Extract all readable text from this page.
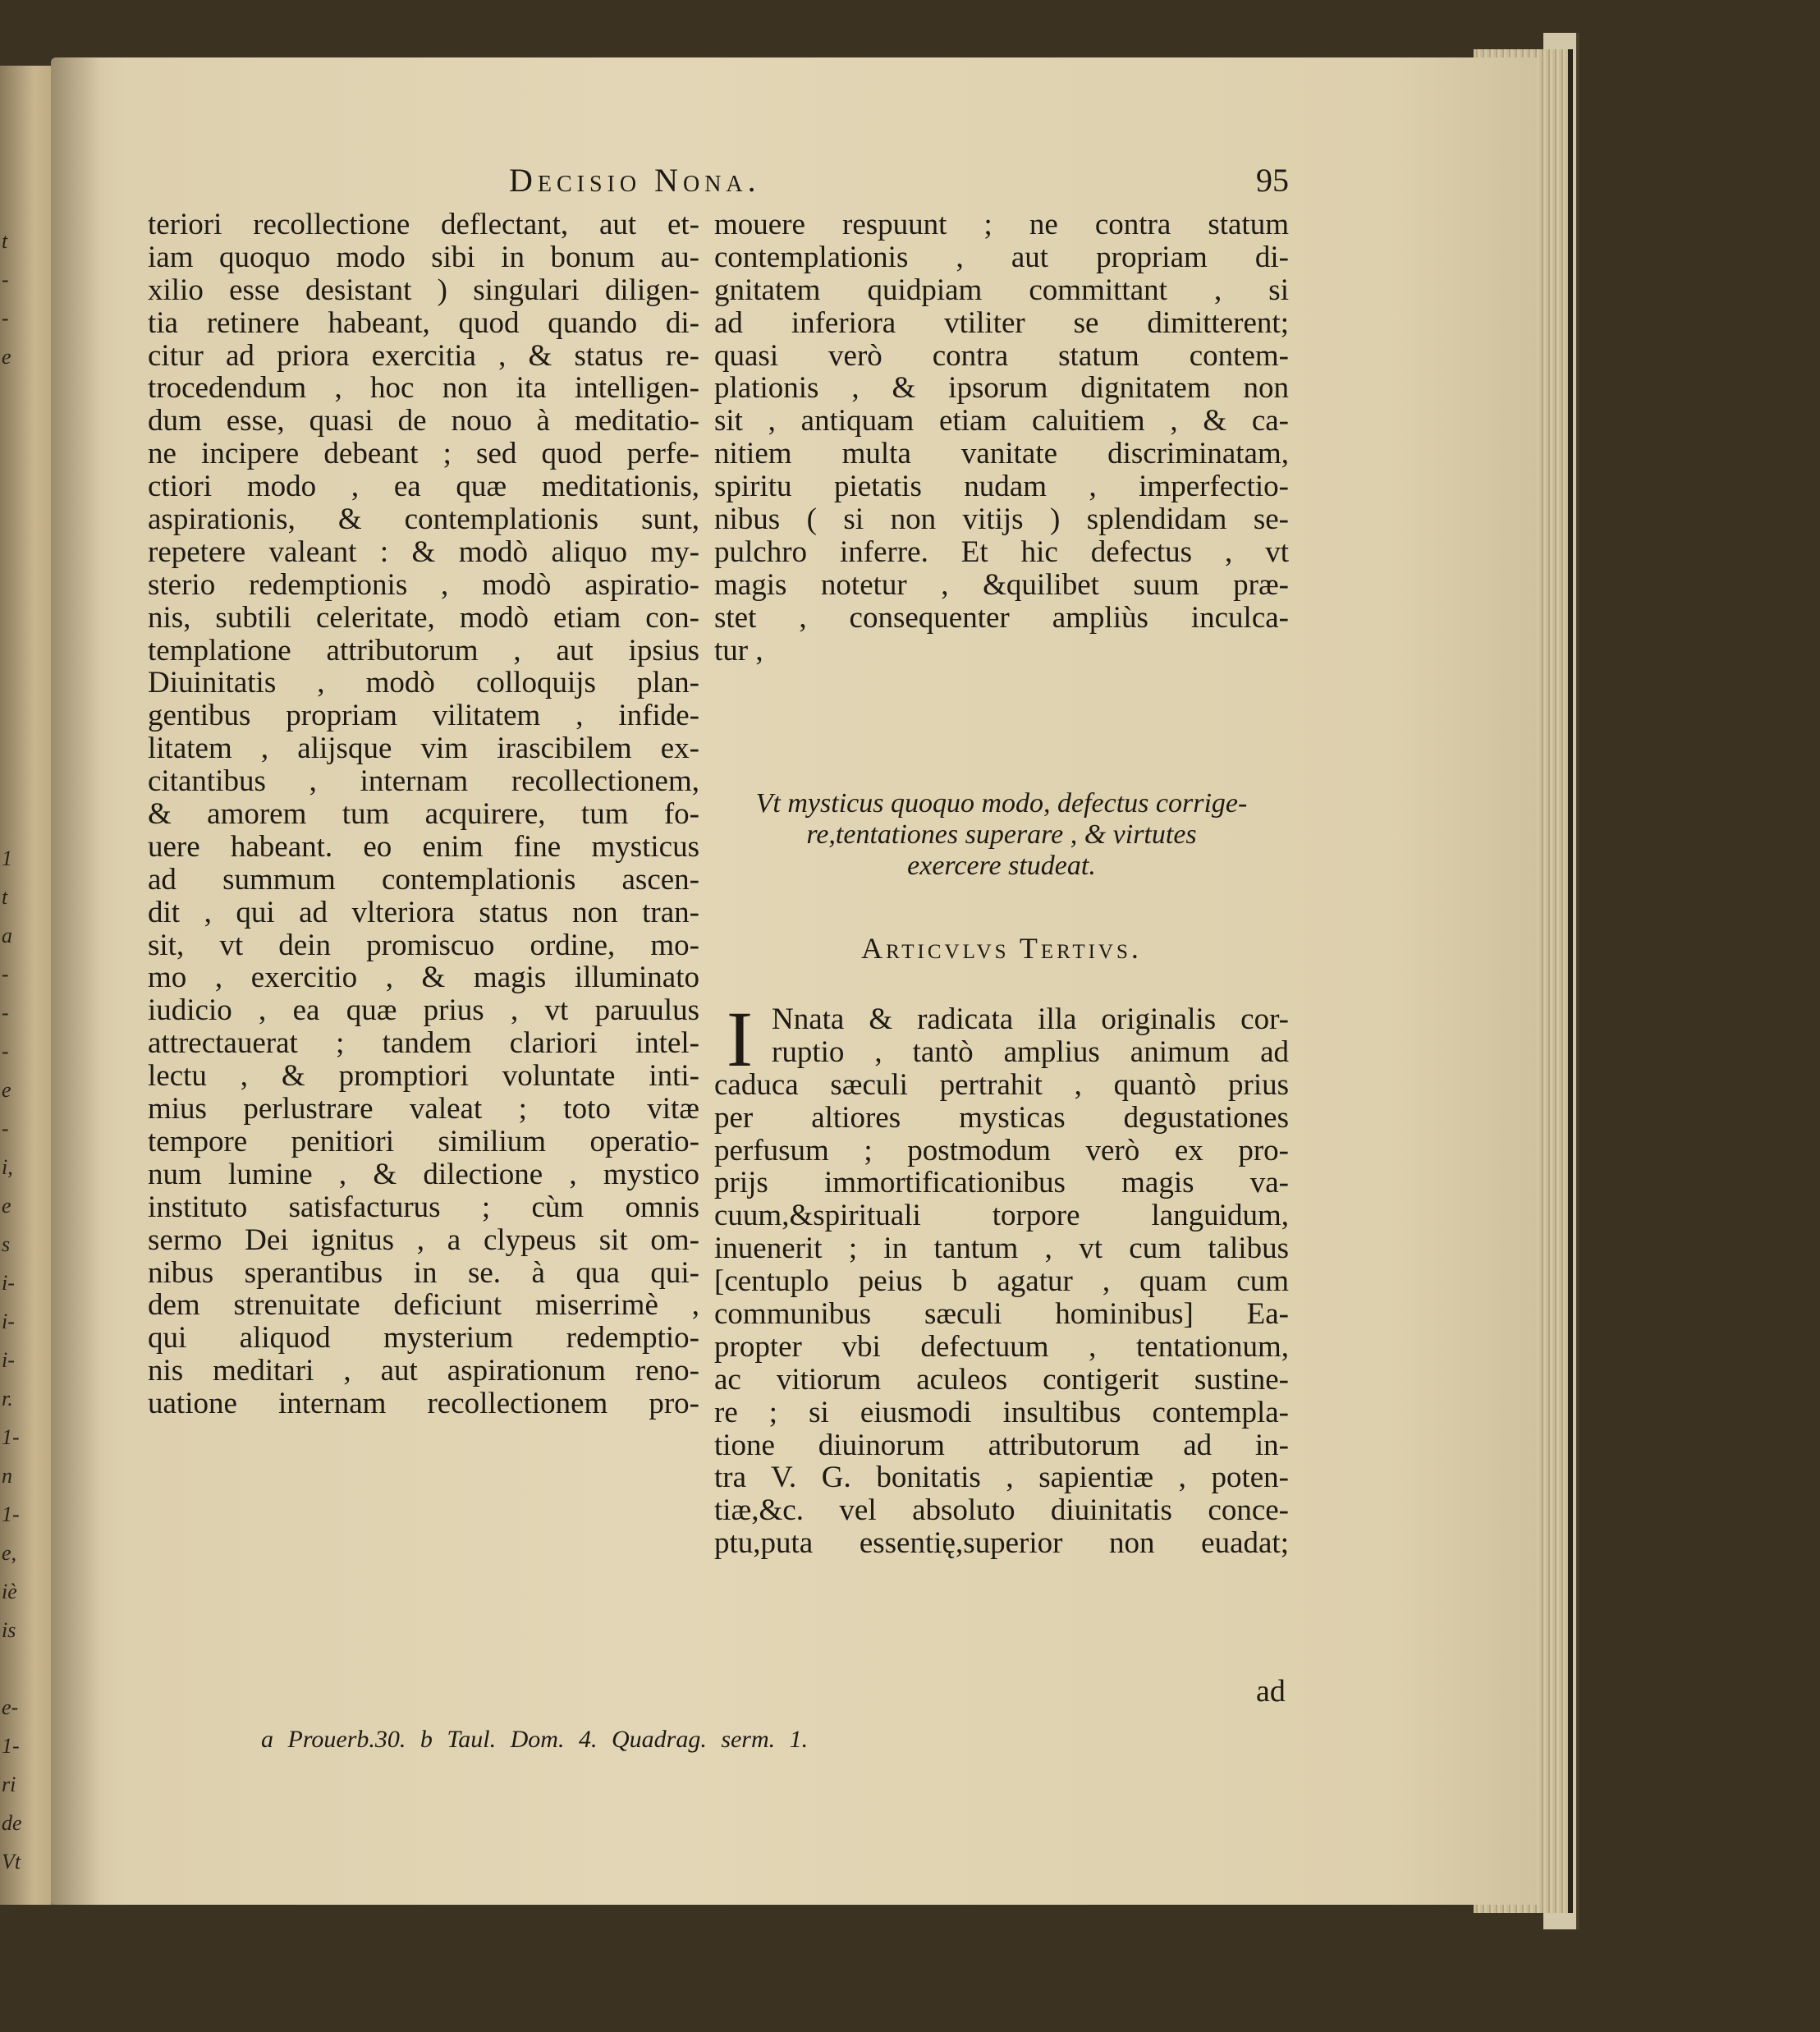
t
-
-
e
1
t
a
-
-
-
e
-
i,
e
s
i-
i-
i-
r.
1-
n
1-
e,
iè
is
e-
1-
ri
de
Vt
Decisio Nona.	95
teriori recollectione deflectant, aut et-
iam quoquo modo sibi in bonum au-
xilio esse desistant ) singulari diligen-
tia retinere habeant, quod quando di-
citur ad priora exercitia , & status re-
trocedendum , hoc non ita intelligen-
dum esse, quasi de nouo à meditatio-
ne incipere debeant ; sed quod perfe-
ctiori modo , ea quæ meditationis,
aspirationis, & contemplationis sunt,
repetere valeant : & modò aliquo my-
sterio redemptionis , modò aspiratio-
nis, subtili celeritate, modò etiam con-
templatione attributorum , aut ipsius
Diuinitatis , modò colloquijs plan-
gentibus propriam vilitatem , infide-
litatem , alijsque vim irascibilem ex-
citantibus , internam recollectionem,
& amorem tum acquirere, tum fo-
uere habeant. eo enim fine mysticus
ad summum contemplationis ascen-
dit , qui ad vlteriora status non tran-
sit, vt dein promiscuo ordine, mo-
mo , exercitio , & magis illuminato
iudicio , ea quæ prius , vt paruulus
attrectauerat ; tandem clariori intel-
lectu , & promptiori voluntate inti-
mius perlustrare valeat ; toto vitæ
tempore penitiori similium operatio-
num lumine , & dilectione , mystico
instituto satisfacturus ; cùm omnis
sermo Dei ignitus , a clypeus sit om-
nibus sperantibus in se. à qua qui-
dem strenuitate deficiunt miserrimè ,
qui aliquod mysterium redemptio-
nis meditari , aut aspirationum reno-
uatione internam recollectionem pro-
mouere respuunt ; ne contra statum
contemplationis , aut propriam di-
gnitatem quidpiam committant , si
ad inferiora vtiliter se dimitterent;
quasi verò contra statum contem-
plationis , & ipsorum dignitatem non
sit , antiquam etiam caluitiem , & ca-
nitiem multa vanitate discriminatam,
spiritu pietatis nudam , imperfectio-
nibus ( si non vitijs ) splendidam se-
pulchro inferre. Et hic defectus , vt
magis notetur , &quilibet suum præ-
stet , consequenter ampliùs inculca-
tur ,
Vt mysticus quoquo modo, defectus corrige-
re,tentationes superare , & virtutes
exercere studeat.
Articvlvs Tertivs.
I Nnata & radicata illa originalis cor-
ruptio , tantò amplius animum ad
caduca sæculi pertrahit , quantò prius
per altiores mysticas degustationes
perfusum ; postmodum verò ex pro-
prijs immortificationibus magis va-
cuum,&spirituali torpore languidum,
inuenerit ; in tantum , vt cum talibus
[centuplo peius b agatur , quam cum
communibus sæculi hominibus] Ea-
propter vbi defectuum , tentationum,
ac vitiorum aculeos contigerit sustine-
re ; si eiusmodi insultibus contempla-
tione diuinorum attributorum ad in-
tra V. G. bonitatis , sapientiæ , poten-
tiæ,&c. vel absoluto diuinitatis conce-
ptu,puta essentię,superior non euadat;
ad
a Prouerb.30. b Taul. Dom. 4. Quadrag. serm. 1.
